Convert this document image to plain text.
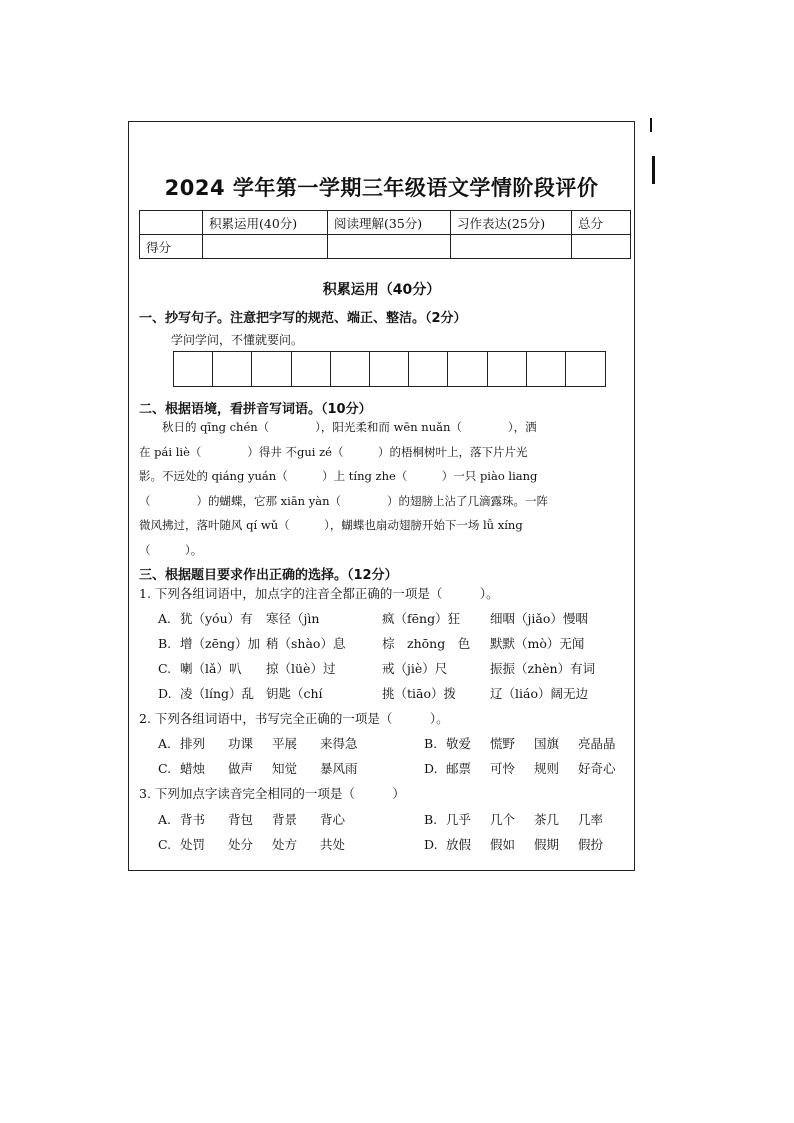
2024 学年第一学期三年级语文学情阶段评价
	积累运用(40分)	阅读理解(35分)	习作表达(25分)	总分
得分				
积累运用（40分）
一、抄写句子。注意把字写的规范、端正、整洁。（2分）
学问学问，不懂就要问。
二、根据语境，看拼音写词语。（10分）
　　秋日的 qīng chén（　　　　），阳光柔和而 wēn nuǎn（　　　　），洒
在 pái liè（　　　　）得井 不gui zé（　　　）的梧桐树叶上，落下片片光
影。不远处的 qiáng yuán（　　　）上 tíng zhe（　　　）一只 piào liang
（　　　　）的蝴蝶，它那 xiān yàn（　　　　）的翅膀上沾了几滴露珠。一阵
微风拂过，落叶随风 qí wǔ（　　　），蝴蝶也扇动翅膀开始下一场 lǚ xíng
（　　　）。
三、根据题目要求作出正确的选择。（12分）
1. 下列各组词语中，加点字的注音全都正确的一项是（　　　）。
A. 犹（yóu）有 寒径（jìn	疯（fēng）狂 细咽（jiǎo）慢咽
B. 增（zēng）加 稍（shào）息	棕　zhōng　色 默默（mò）无闻
C. 喇（lǎ）叭 掠（lüè）过	戒（jiè）尺	振振（zhèn）有词
D. 凌（líng）乱 钥匙（chí	挑（tiāo）拨	辽（liáo）阔无边
2. 下列各组词语中，书写完全正确的一项是（　　　）。
A. 排列 功课 平展 来得急	B. 敬爱 慌野 国旗 亮晶晶
C. 蜡烛 做声 知觉 暴风雨	D. 邮票 可怜 规则 好奇心
3. 下列加点字读音完全相同的一项是（　　　）
A. 背书 背包 背景 背心	B. 几乎 几个 茶几 几率
C. 处罚 处分 处方 共处	D. 放假 假如 假期 假扮
